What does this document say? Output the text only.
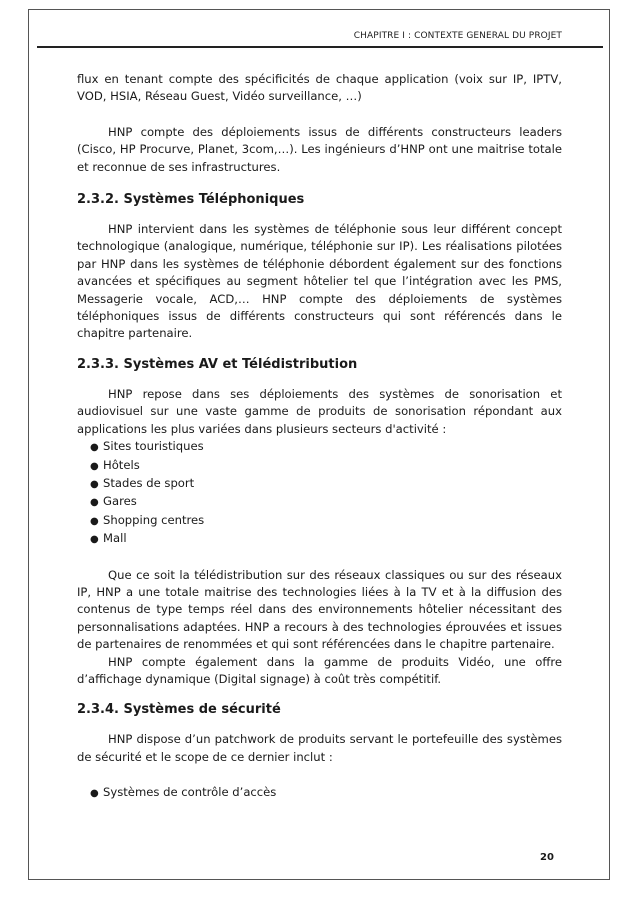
CHAPITRE I : CONTEXTE GENERAL DU PROJET

flux en tenant compte des spécificités de chaque application (voix sur IP, IPTV, VOD, HSIA, Réseau Guest, Vidéo surveillance, …)

HNP compte des déploiements issus de différents constructeurs leaders (Cisco, HP Procurve, Planet, 3com,…). Les ingénieurs d’HNP ont une maitrise totale et reconnue de ses infrastructures.

2.3.2. Systèmes Téléphoniques

HNP intervient dans les systèmes de téléphonie sous leur différent concept technologique (analogique, numérique, téléphonie sur IP). Les réalisations pilotées par HNP dans les systèmes de téléphonie débordent également sur des fonctions avancées et spécifiques au segment hôtelier tel que l’intégration avec les PMS, Messagerie vocale, ACD,… HNP compte des déploiements de systèmes téléphoniques issus de différents constructeurs qui sont référencés dans le chapitre partenaire.

2.3.3. Systèmes AV et Télédistribution

HNP repose dans ses déploiements des systèmes de sonorisation et audiovisuel sur une vaste gamme de produits de sonorisation répondant aux applications les plus variées dans plusieurs secteurs d'activité :

● Sites touristiques
● Hôtels
● Stades de sport
● Gares
● Shopping centres
● Mall

Que ce soit la télédistribution sur des réseaux classiques ou sur des réseaux IP, HNP a une totale maitrise des technologies liées à la TV et à la diffusion des contenus de type temps réel dans des environnements hôtelier nécessitant des personnalisations adaptées. HNP a recours à des technologies éprouvées et issues de partenaires de renommées et qui sont référencées dans le chapitre partenaire.

HNP compte également dans la gamme de produits Vidéo, une offre d’affichage dynamique (Digital signage) à coût très compétitif.

2.3.4. Systèmes de sécurité

HNP dispose d’un patchwork de produits servant le portefeuille des systèmes de sécurité et le scope de ce dernier inclut :

● Systèmes de contrôle d’accès
20
